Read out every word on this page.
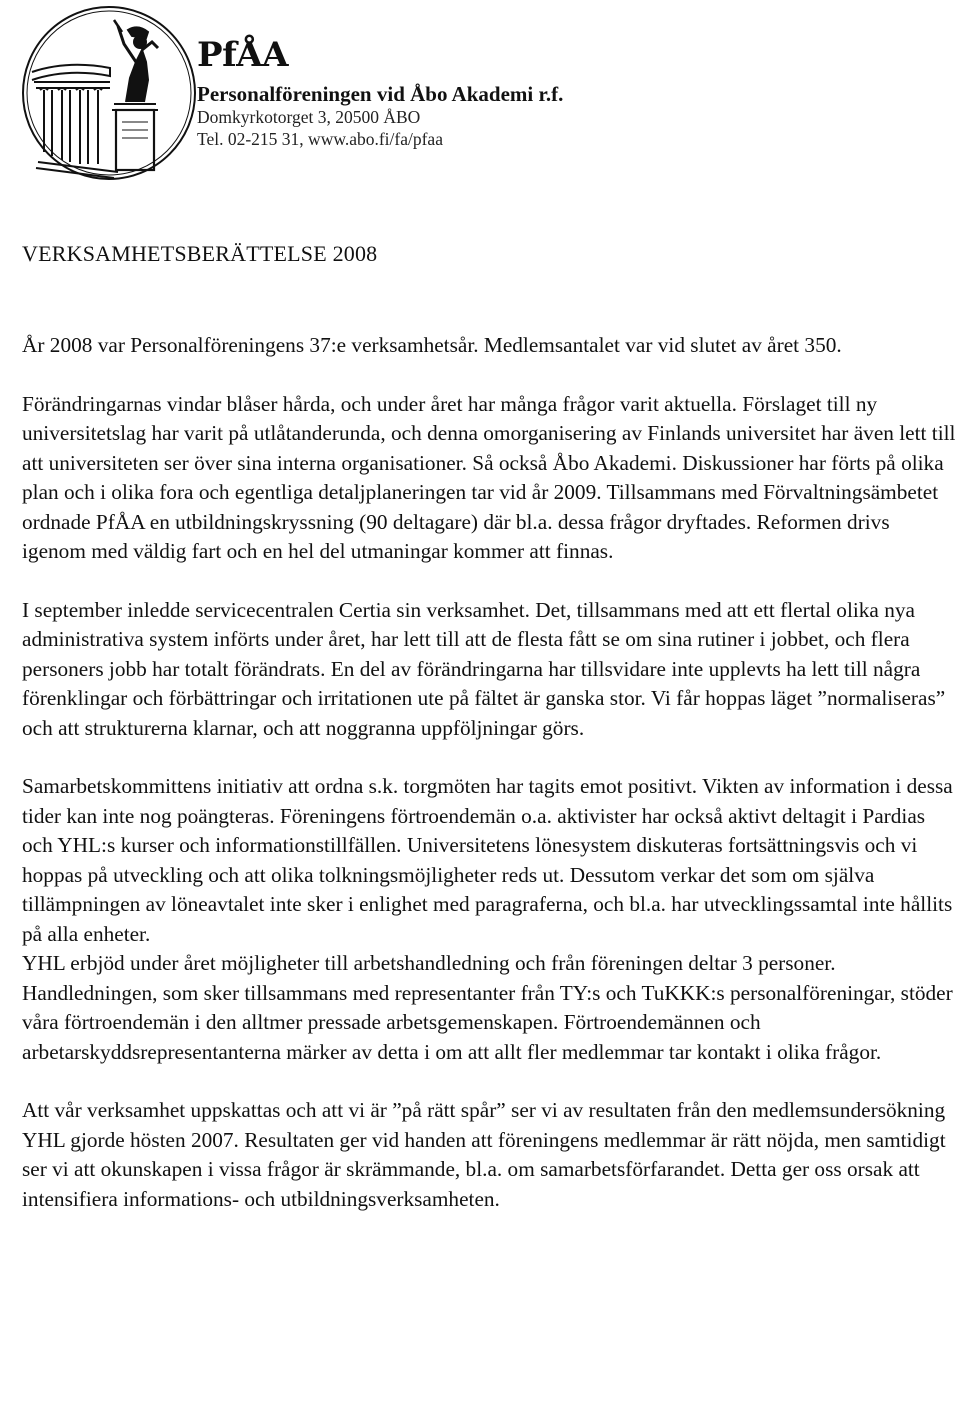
PfÅA
Personalföreningen vid Åbo Akademi r.f.
Domkyrkotorget 3, 20500 ÅBO
Tel. 02-215 31, www.abo.fi/fa/pfaa
VERKSAMHETSBERÄTTELSE 2008

År 2008 var Personalföreningens 37:e verksamhetsår. Medlemsantalet var vid slutet av året 350.

Förändringarnas vindar blåser hårda, och under året har många frågor varit aktuella. Förslaget till ny universitetslag har varit på utlåtanderunda, och denna omorganisering av Finlands universitet har även lett till att universiteten ser över sina interna organisationer. Så också Åbo Akademi. Diskussioner har förts på olika plan och i olika fora och egentliga detaljplaneringen tar vid år 2009. Tillsammans med Förvaltningsämbetet ordnade PfÅA en utbildningskryssning (90 deltagare) där bl.a. dessa frågor dryftades. Reformen drivs igenom med väldig fart och en hel del utmaningar kommer att finnas.

I september inledde servicecentralen Certia sin verksamhet. Det, tillsammans med att ett flertal olika nya administrativa system införts under året, har lett till att de flesta fått se om sina rutiner i jobbet, och flera personers jobb har totalt förändrats. En del av förändringarna har tillsvidare inte upplevts ha lett till några förenklingar och förbättringar och irritationen ute på fältet är ganska stor. Vi får hoppas läget ”normaliseras” och att strukturerna klarnar, och att noggranna uppföljningar görs.

Samarbetskommittens initiativ att ordna s.k. torgmöten har tagits emot positivt. Vikten av information i dessa tider kan inte nog poängteras. Föreningens förtroendemän o.a. aktivister har också aktivt deltagit i Pardias och YHL:s kurser och informationstillfällen. Universitetens lönesystem diskuteras fortsättningsvis och vi hoppas på utveckling och att olika tolkningsmöjligheter reds ut. Dessutom verkar det som om själva tillämpningen av löneavtalet inte sker i enlighet med paragraferna, och bl.a. har utvecklingssamtal inte hållits på alla enheter.

YHL erbjöd under året möjligheter till arbetshandledning och från föreningen deltar 3 personer. Handledningen, som sker tillsammans med representanter från TY:s och TuKKK:s personalföreningar, stöder våra förtroendemän i den alltmer pressade arbetsgemenskapen. Förtroendemännen och arbetarskyddsrepresentanterna märker av detta i om att allt fler medlemmar tar kontakt i olika frågor.

Att vår verksamhet uppskattas och att vi är ”på rätt spår” ser vi av resultaten från den medlemsundersökning YHL gjorde hösten 2007. Resultaten ger vid handen att föreningens medlemmar är rätt nöjda, men samtidigt ser vi att okunskapen i vissa frågor är skrämmande, bl.a. om samarbetsförfarandet. Detta ger oss orsak att intensifiera informations- och utbildningsverksamheten.
